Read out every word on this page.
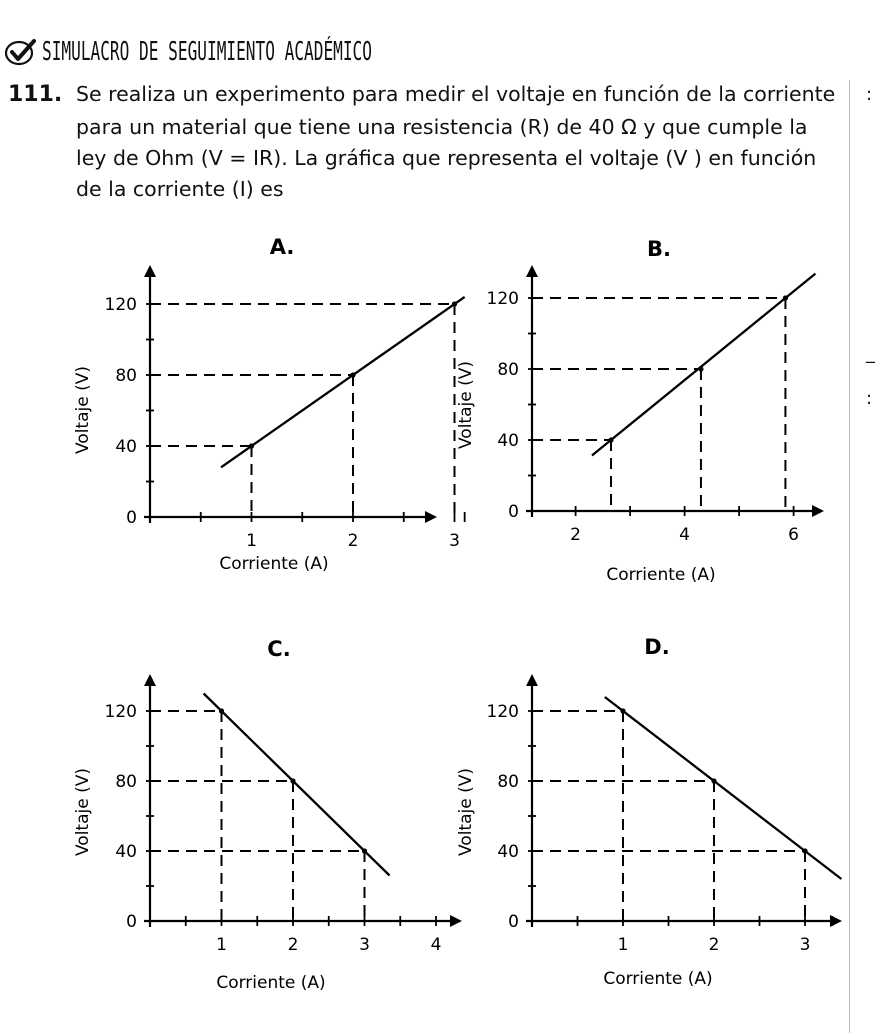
SIMULACRO DE SEGUIMIENTO ACADÉMICO
111. Se realiza un experimento para medir el voltaje en función de la corriente
para un material que tiene una resistencia (R) de 40 Ω y que cumple la
ley de Ohm (V = IR). La gráfica que representa el voltaje (V ) en función
de la corriente (I) es
:
_
:
0
40
80
120
1	2	3
A.
Corriente (A)
Voltaje (V)
0
40
80
120
2	4	6
B.
Corriente (A)
Voltaje (V)
0
40
80
120
1	2	3	4
C.
Corriente (A)
Voltaje (V)
0
40
80
120
1	2	3
D.
Corriente (A)
Voltaje (V)
